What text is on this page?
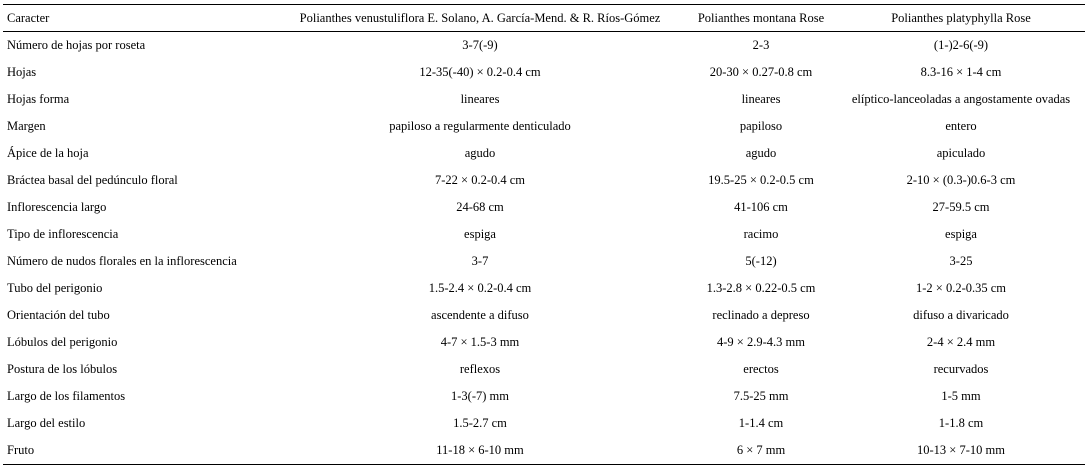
Caracter	Polianthes venustuliflora E. Solano, A. García-Mend. & R. Ríos-Gómez	Polianthes montana Rose	Polianthes platyphylla Rose
Número de hojas por roseta	3-7(-9)	2-3	(1-)2-6(-9)
Hojas	12-35(-40) × 0.2-0.4 cm	20-30 × 0.27-0.8 cm	8.3-16 × 1-4 cm
Hojas forma	lineares	lineares	elíptico-lanceoladas a angostamente ovadas
Margen	papiloso a regularmente denticulado	papiloso	entero
Ápice de la hoja	agudo	agudo	apiculado
Bráctea basal del pedúnculo floral	7-22 × 0.2-0.4 cm	19.5-25 × 0.2-0.5 cm	2-10 × (0.3-)0.6-3 cm
Inflorescencia largo	24-68 cm	41-106 cm	27-59.5 cm
Tipo de inflorescencia	espiga	racimo	espiga
Número de nudos florales en la inflorescencia	3-7	5(-12)	3-25
Tubo del perigonio	1.5-2.4 × 0.2-0.4 cm	1.3-2.8 × 0.22-0.5 cm	1-2 × 0.2-0.35 cm
Orientación del tubo	ascendente a difuso	reclinado a depreso	difuso a divaricado
Lóbulos del perigonio	4-7 × 1.5-3 mm	4-9 × 2.9-4.3 mm	2-4 × 2.4 mm
Postura de los lóbulos	reflexos	erectos	recurvados
Largo de los filamentos	1-3(-7) mm	7.5-25 mm	1-5 mm
Largo del estilo	1.5-2.7 cm	1-1.4 cm	1-1.8 cm
Fruto	11-18 × 6-10 mm	6 × 7 mm	10-13 × 7-10 mm
